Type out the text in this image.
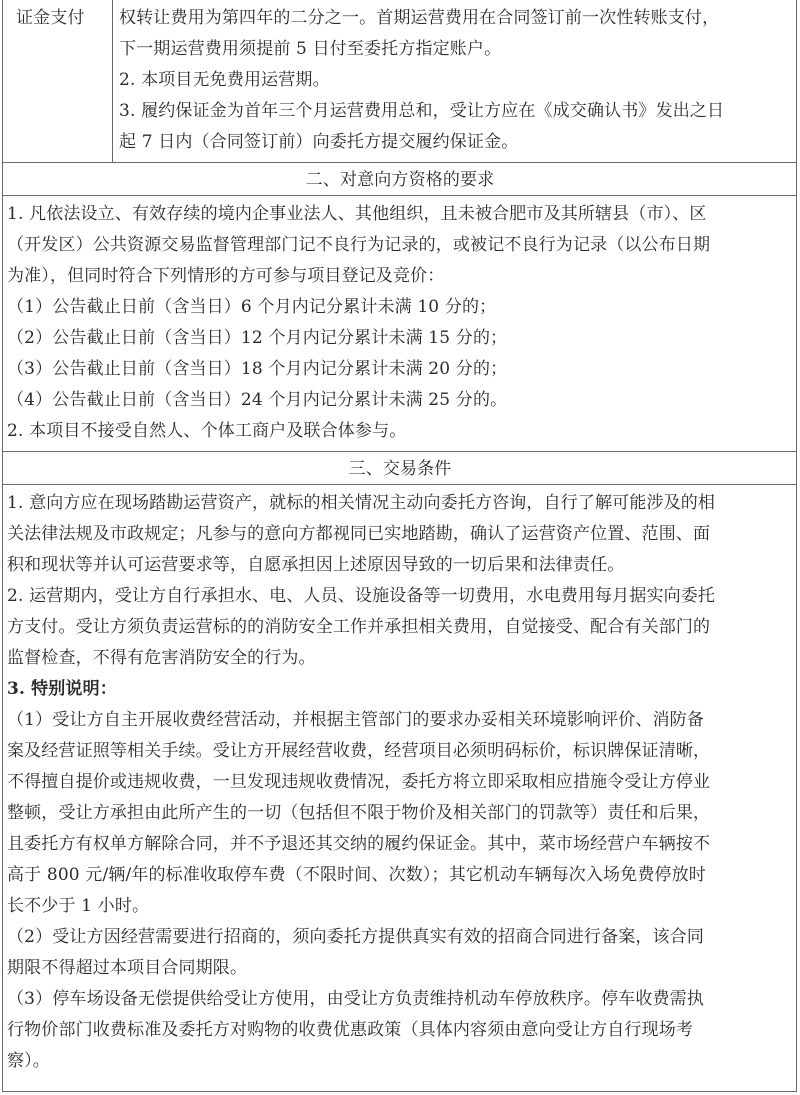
证金支付 权转让费用为第四年的二分之一。首期运营费用在合同签订前一次性转账支付，
下一期运营费用须提前 5 日付至委托方指定账户。
2. 本项目无免费用运营期。
3. 履约保证金为首年三个月运营费用总和，受让方应在《成交确认书》发出之日
起 7 日内（合同签订前）向委托方提交履约保证金。
二、对意向方资格的要求
1. 凡依法设立、有效存续的境内企事业法人、其他组织，且未被合肥市及其所辖县（市）、区
（开发区）公共资源交易监督管理部门记不良行为记录的，或被记不良行为记录（以公布日期
为准），但同时符合下列情形的方可参与项目登记及竞价：
（1）公告截止日前（含当日）6 个月内记分累计未满 10 分的；
（2）公告截止日前（含当日）12 个月内记分累计未满 15 分的；
（3）公告截止日前（含当日）18 个月内记分累计未满 20 分的；
（4）公告截止日前（含当日）24 个月内记分累计未满 25 分的。
2. 本项目不接受自然人、个体工商户及联合体参与。
三、交易条件
1. 意向方应在现场踏勘运营资产，就标的相关情况主动向委托方咨询，自行了解可能涉及的相
关法律法规及市政规定；凡参与的意向方都视同已实地踏勘，确认了运营资产位置、范围、面
积和现状等并认可运营要求等，自愿承担因上述原因导致的一切后果和法律责任。
2. 运营期内，受让方自行承担水、电、人员、设施设备等一切费用，水电费用每月据实向委托
方支付。受让方须负责运营标的的消防安全工作并承担相关费用，自觉接受、配合有关部门的
监督检查，不得有危害消防安全的行为。
3. 特别说明：
（1）受让方自主开展收费经营活动，并根据主管部门的要求办妥相关环境影响评价、消防备
案及经营证照等相关手续。受让方开展经营收费，经营项目必须明码标价，标识牌保证清晰，
不得擅自提价或违规收费，一旦发现违规收费情况，委托方将立即采取相应措施令受让方停业
整顿，受让方承担由此所产生的一切（包括但不限于物价及相关部门的罚款等）责任和后果，
且委托方有权单方解除合同，并不予退还其交纳的履约保证金。其中，菜市场经营户车辆按不
高于 800 元/辆/年的标准收取停车费（不限时间、次数）；其它机动车辆每次入场免费停放时
长不少于 1 小时。
（2）受让方因经营需要进行招商的，须向委托方提供真实有效的招商合同进行备案，该合同
期限不得超过本项目合同期限。
（3）停车场设备无偿提供给受让方使用，由受让方负责维持机动车停放秩序。停车收费需执
行物价部门收费标准及委托方对购物的收费优惠政策（具体内容须由意向受让方自行现场考
察）。
